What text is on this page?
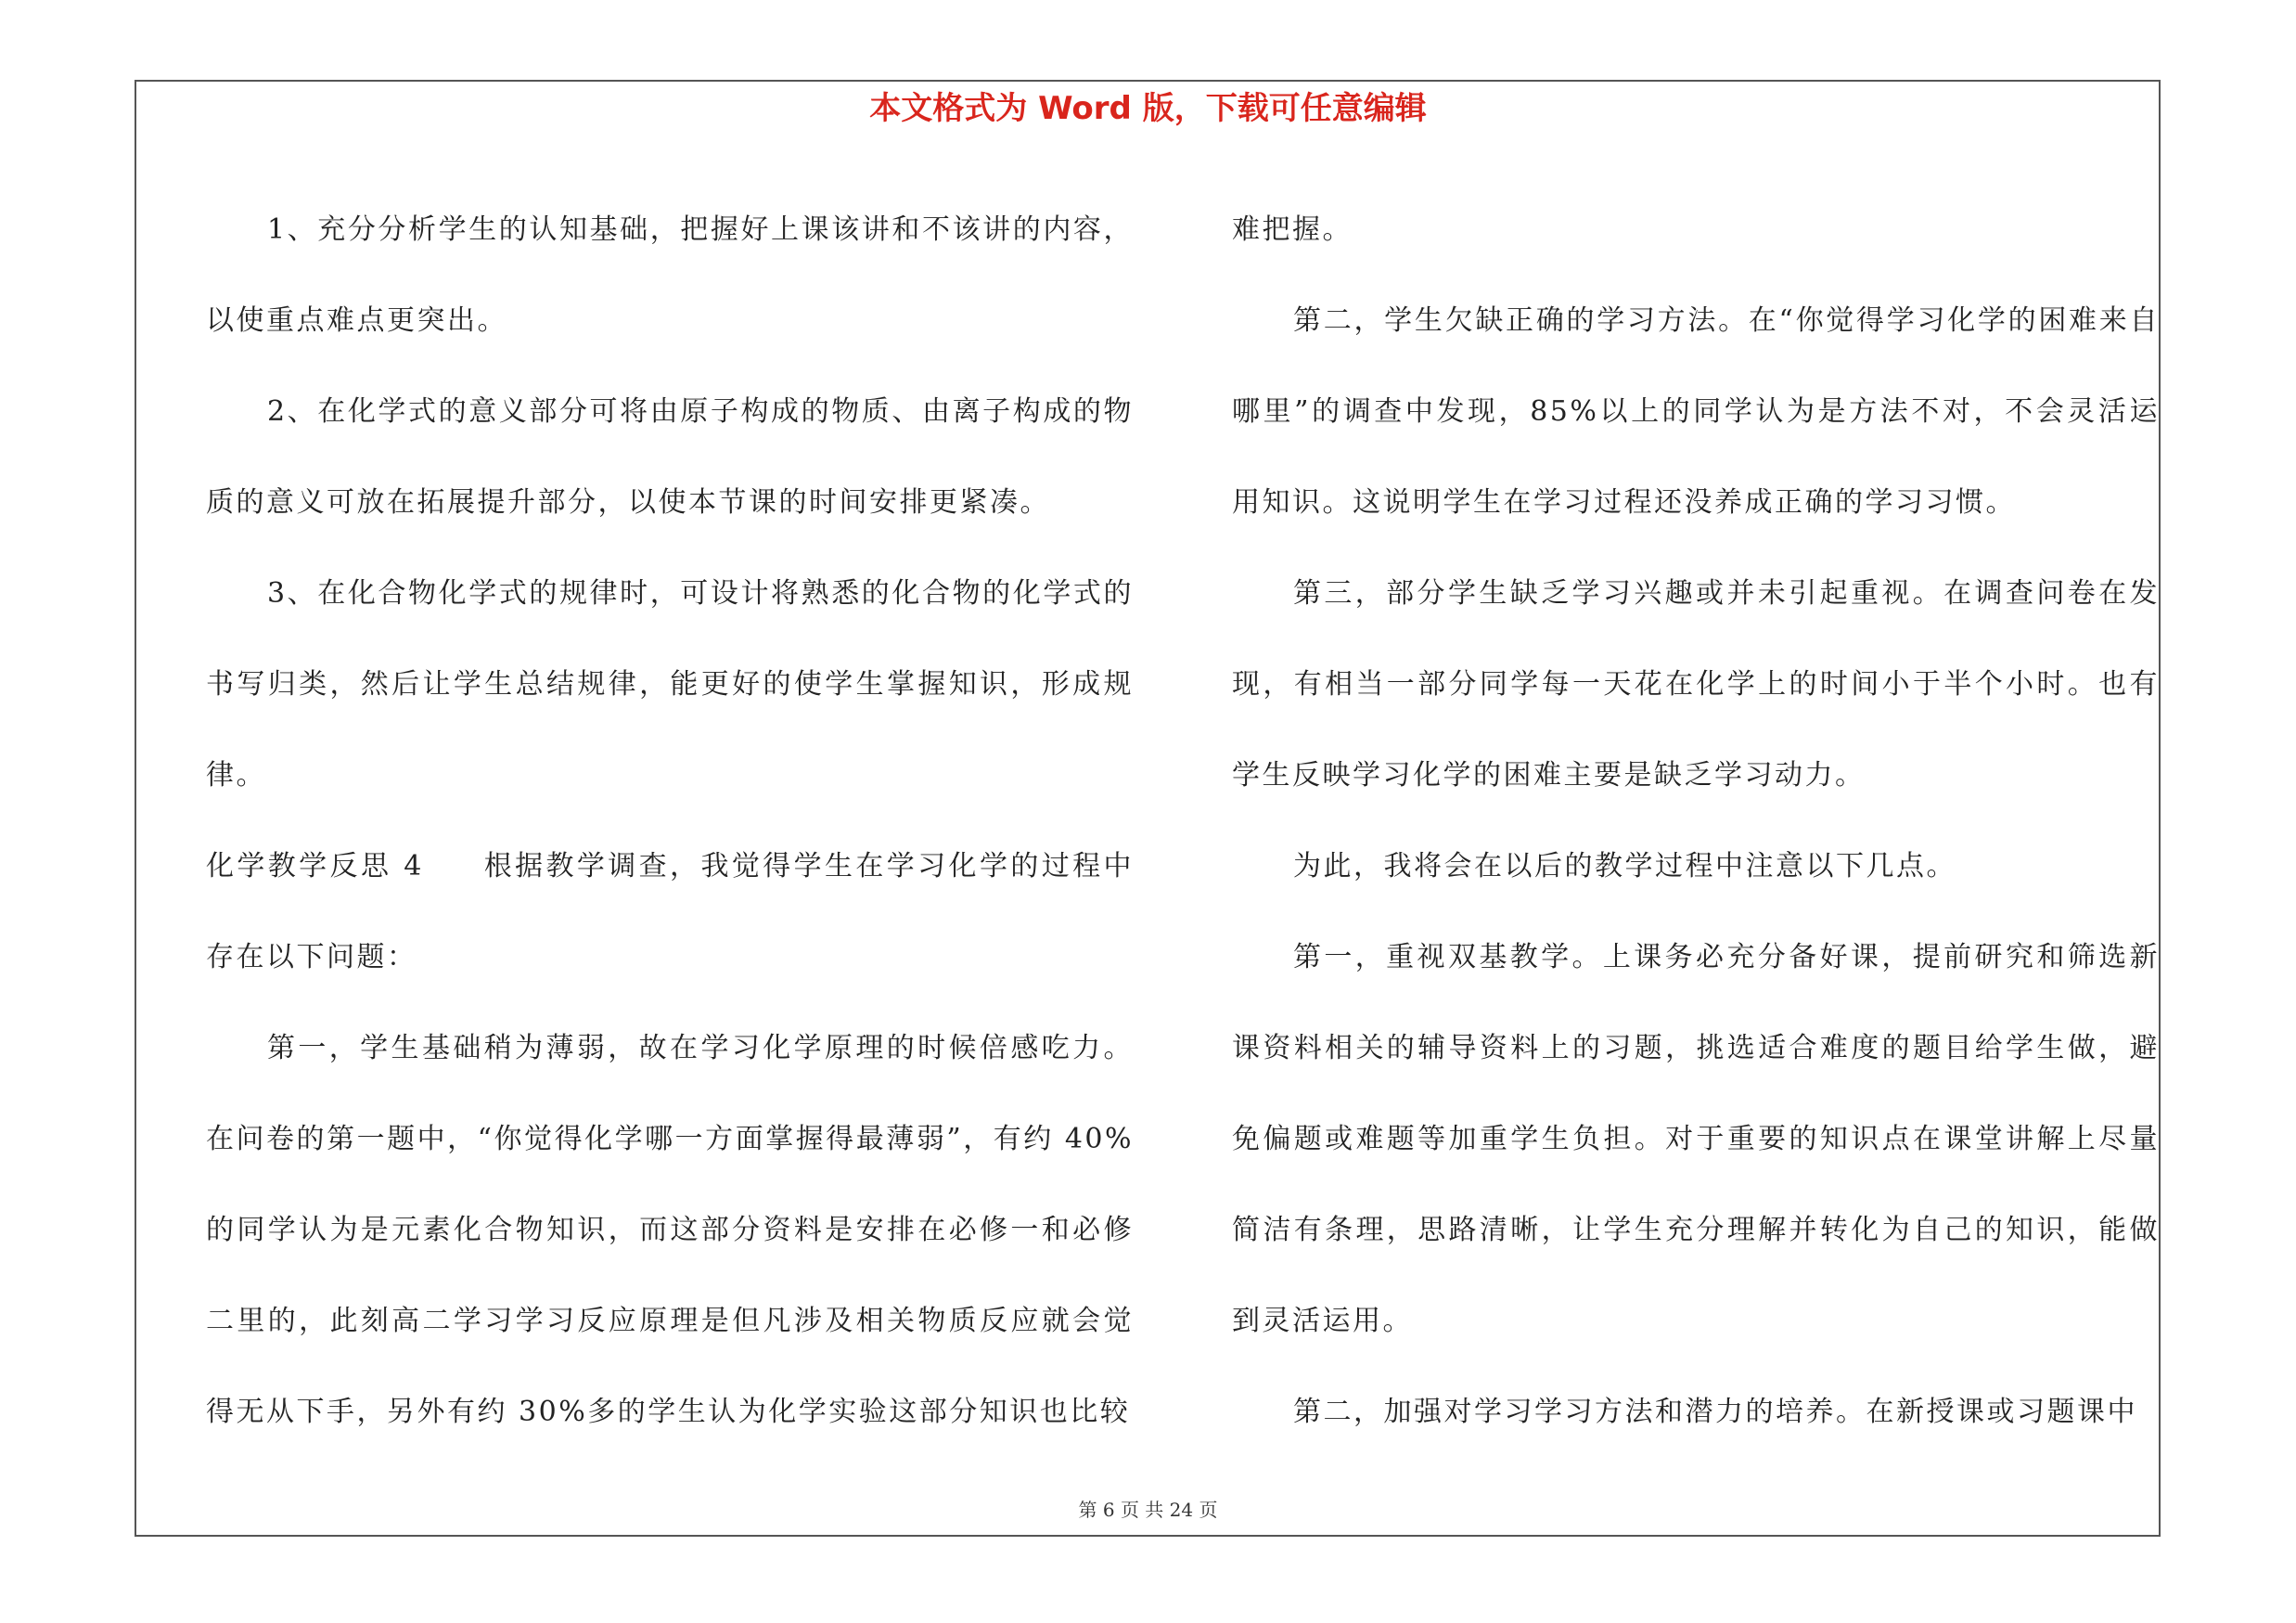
本文格式为 Word 版，下载可任意编辑

1、充分分析学生的认知基础，把握好上课该讲和不该讲的内容，以使重点难点更突出。

2、在化学式的意义部分可将由原子构成的物质、由离子构成的物质的意义可放在拓展提升部分，以使本节课的时间安排更紧凑。

3、在化合物化学式的规律时，可设计将熟悉的化合物的化学式的书写归类，然后让学生总结规律，能更好的使学生掌握知识，形成规律。

化学教学反思 4 根据教学调查，我觉得学生在学习化学的过程中存在以下问题：

第一，学生基础稍为薄弱，故在学习化学原理的时候倍感吃力。在问卷的第一题中，“你觉得化学哪一方面掌握得最薄弱”，有约 40%的同学认为是元素化合物知识，而这部分资料是安排在必修一和必修二里的，此刻高二学习学习反应原理是但凡涉及相关物质反应就会觉得无从下手，另外有约 30%多的学生认为化学实验这部分知识也比较

难把握。

第二，学生欠缺正确的学习方法。在“你觉得学习化学的困难来自哪里”的调查中发现，85%以上的同学认为是方法不对，不会灵活运用知识。这说明学生在学习过程还没养成正确的学习习惯。

第三，部分学生缺乏学习兴趣或并未引起重视。在调查问卷在发现，有相当一部分同学每一天花在化学上的时间小于半个小时。也有学生反映学习化学的困难主要是缺乏学习动力。

为此，我将会在以后的教学过程中注意以下几点。

第一，重视双基教学。上课务必充分备好课，提前研究和筛选新课资料相关的辅导资料上的习题，挑选适合难度的题目给学生做，避免偏题或难题等加重学生负担。对于重要的知识点在课堂讲解上尽量简洁有条理，思路清晰，让学生充分理解并转化为自己的知识，能做到灵活运用。

第二，加强对学习学习方法和潜力的培养。在新授课或习题课中

第 6 页 共 24 页
